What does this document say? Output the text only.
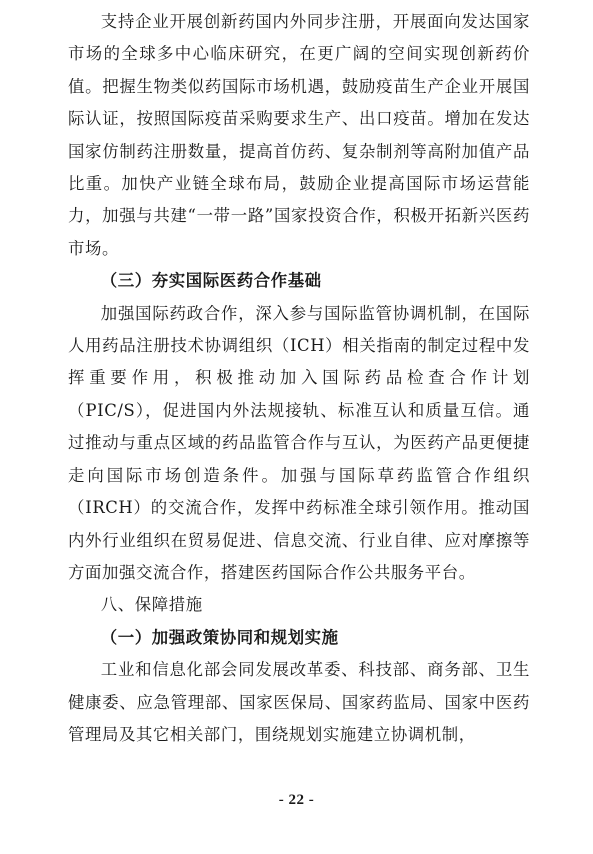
支持企业开展创新药国内外同步注册，开展面向发达国家市场的全球多中心临床研究，在更广阔的空间实现创新药价值。把握生物类似药国际市场机遇，鼓励疫苗生产企业开展国际认证，按照国际疫苗采购要求生产、出口疫苗。增加在发达国家仿制药注册数量，提高首仿药、复杂制剂等高附加值产品比重。加快产业链全球布局，鼓励企业提高国际市场运营能力，加强与共建“一带一路”国家投资合作，积极开拓新兴医药市场。

（三）夯实国际医药合作基础

加强国际药政合作，深入参与国际监管协调机制，在国际人用药品注册技术协调组织（ICH）相关指南的制定过程中发挥重要作用，积极推动加入国际药品检查合作计划（PIC/S），促进国内外法规接轨、标准互认和质量互信。通过推动与重点区域的药品监管合作与互认，为医药产品更便捷走向国际市场创造条件。加强与国际草药监管合作组织（IRCH）的交流合作，发挥中药标准全球引领作用。推动国内外行业组织在贸易促进、信息交流、行业自律、应对摩擦等方面加强交流合作，搭建医药国际合作公共服务平台。

八、保障措施

（一）加强政策协同和规划实施

工业和信息化部会同发展改革委、科技部、商务部、卫生健康委、应急管理部、国家医保局、国家药监局、国家中医药管理局及其它相关部门，围绕规划实施建立协调机制，

- 22 -
